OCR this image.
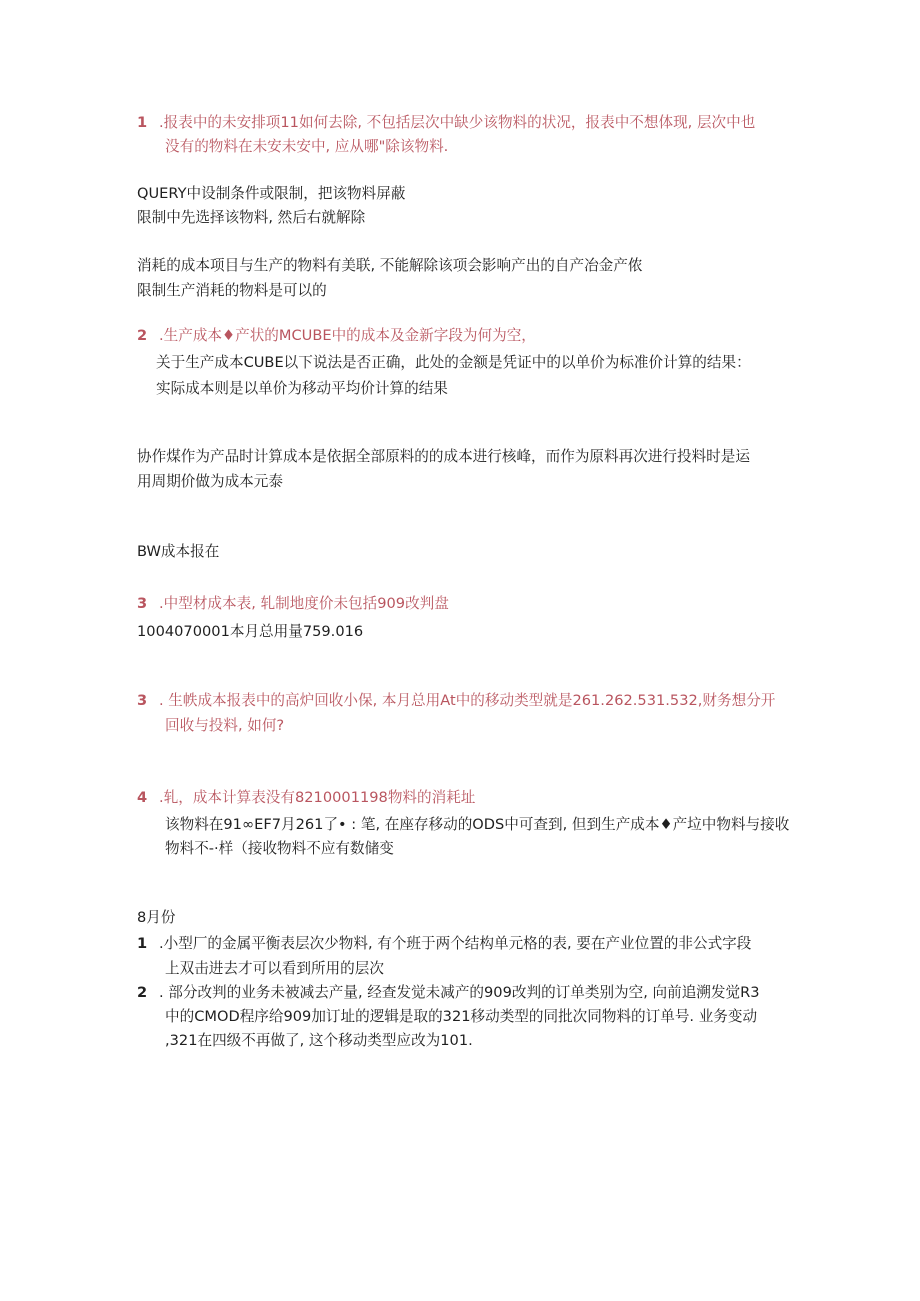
1 .报表中的未安排项11如何去除, 不包括层次中缺少该物料的状况，报表中不想体现, 层次中也
没有的物料在未安未安中, 应从哪"除该物料.
QUERY中设制条件或限制，把该物料屏蔽
限制中先选择该物料, 然后右就解除
消耗的成本项目与生产的物料有美联, 不能解除该项会影响产出的自产冶金产侬
限制生产消耗的物料是可以的
2 .生产成本♦产状的MCUBE中的成本及金新字段为何为空，
关于生产成本CUBE以下说法是否正确，此处的金额是凭证中的以单价为标准价计算的结果：
实际成本则是以单价为移动平均价计算的结果
协作煤作为产品时计算成本是依据全部原料的的成本进行核峰，而作为原料再次进行投料时是运
用周期价做为成本元泰
BW成本报在
3 .中型材成本表, 轧制地度价未包括909改判盘
1004070001本月总用量759.016
3 . 生帙成本报表中的高炉回收小保, 本月总用At中的移动类型就是261.262.531.532,财务想分开
回收与投料, 如何?
4 .轧，成本计算表没有8210001198物料的消耗址
该物料在91∞EF7月261了• : 笔, 在座存移动的ODS中可查到, 但到生产成本♦产垃中物料与接收
物料不-·样（接收物料不应有数储变
8月份
1 .小型厂的金属平衡表层次少物料, 有个班于两个结构单元格的表, 要在产业位置的非公式字段
上双击进去才可以看到所用的层次
2 . 部分改判的业务未被减去产量, 经查发觉未减产的909改判的订单类别为空, 向前追溯发觉R3
中的CMOD程序给909加订址的逻辑是取的321移动类型的同批次同物料的订单号. 业务变动
,321在四级不再做了, 这个移动类型应改为101.
